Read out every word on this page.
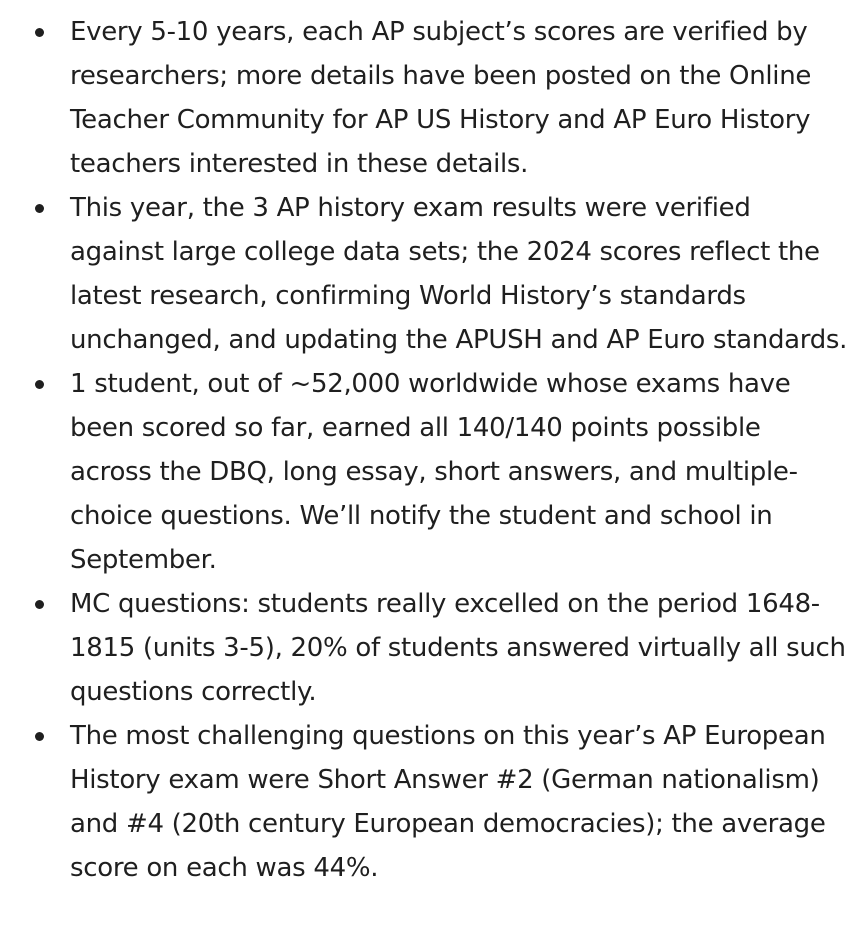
Every 5-10 years, each AP subject’s scores are verified by researchers; more details have been posted on the Online Teacher Community for AP US History and AP Euro History teachers interested in these details.
This year, the 3 AP history exam results were verified against large college data sets; the 2024 scores reflect the latest research, confirming World History’s standards unchanged, and updating the APUSH and AP Euro standards.
1 student, out of ~52,000 worldwide whose exams have been scored so far, earned all 140/140 points possible across the DBQ, long essay, short answers, and multiple-choice questions. We’ll notify the student and school in September.
MC questions: students really excelled on the period 1648-1815 (units 3-5), 20% of students answered virtually all such questions correctly.
The most challenging questions on this year’s AP European History exam were Short Answer #2 (German nationalism) and #4 (20th century European democracies); the average score on each was 44%.
